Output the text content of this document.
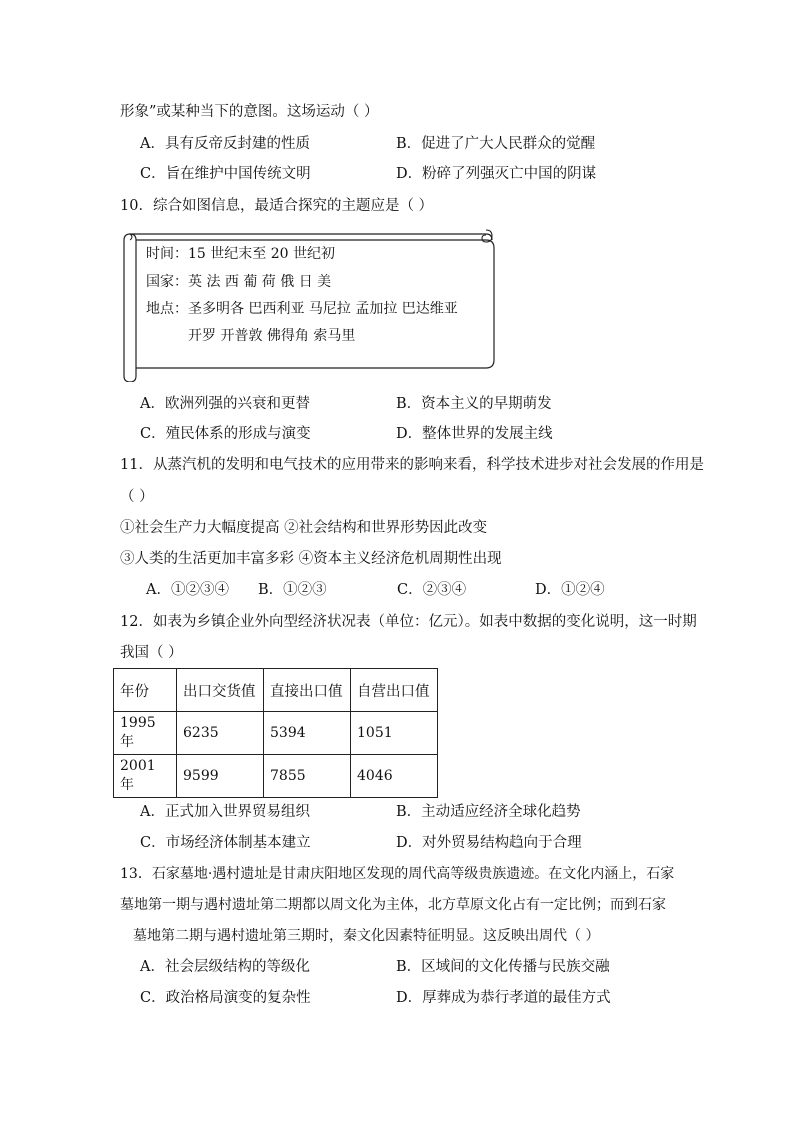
形象”或某种当下的意图。这场运动（ ）
A．具有反帝反封建的性质	B．促进了广大人民群众的觉醒
C．旨在维护中国传统文明	D．粉碎了列强灭亡中国的阴谋
10．综合如图信息，最适合探究的主题应是（ ）
时间：15 世纪末至 20 世纪初
国家：英 法 西 葡 荷 俄 日 美
地点：圣多明各 巴西利亚 马尼拉 孟加拉 巴达维亚
开罗 开普敦 佛得角 索马里
A．欧洲列强的兴衰和更替	B．资本主义的早期萌发
C．殖民体系的形成与演变	D．整体世界的发展主线
11．从蒸汽机的发明和电气技术的应用带来的影响来看，科学技术进步对社会发展的作用是
（ ）
①社会生产力大幅度提高 ②社会结构和世界形势因此改变
③人类的生活更加丰富多彩 ④资本主义经济危机周期性出现
A．①②③④ B．①②③	C．②③④	D．①②④
12．如表为乡镇企业外向型经济状况表（单位：亿元）。如表中数据的变化说明，这一时期
我国（ ）
年份	出口交货值	直接出口值	自营出口值
1995 年	6235	5394	1051
2001 年	9599	7855	4046
A．正式加入世界贸易组织	B．主动适应经济全球化趋势
C．市场经济体制基本建立	D．对外贸易结构趋向于合理
13．石家墓地·遇村遗址是甘肃庆阳地区发现的周代高等级贵族遗迹。在文化内涵上，石家
墓地第一期与遇村遗址第二期都以周文化为主体，北方草原文化占有一定比例；而到石家
墓地第二期与遇村遗址第三期时，秦文化因素特征明显。这反映出周代（ ）
A．社会层级结构的等级化	B．区域间的文化传播与民族交融
C．政治格局演变的复杂性	D．厚葬成为恭行孝道的最佳方式
